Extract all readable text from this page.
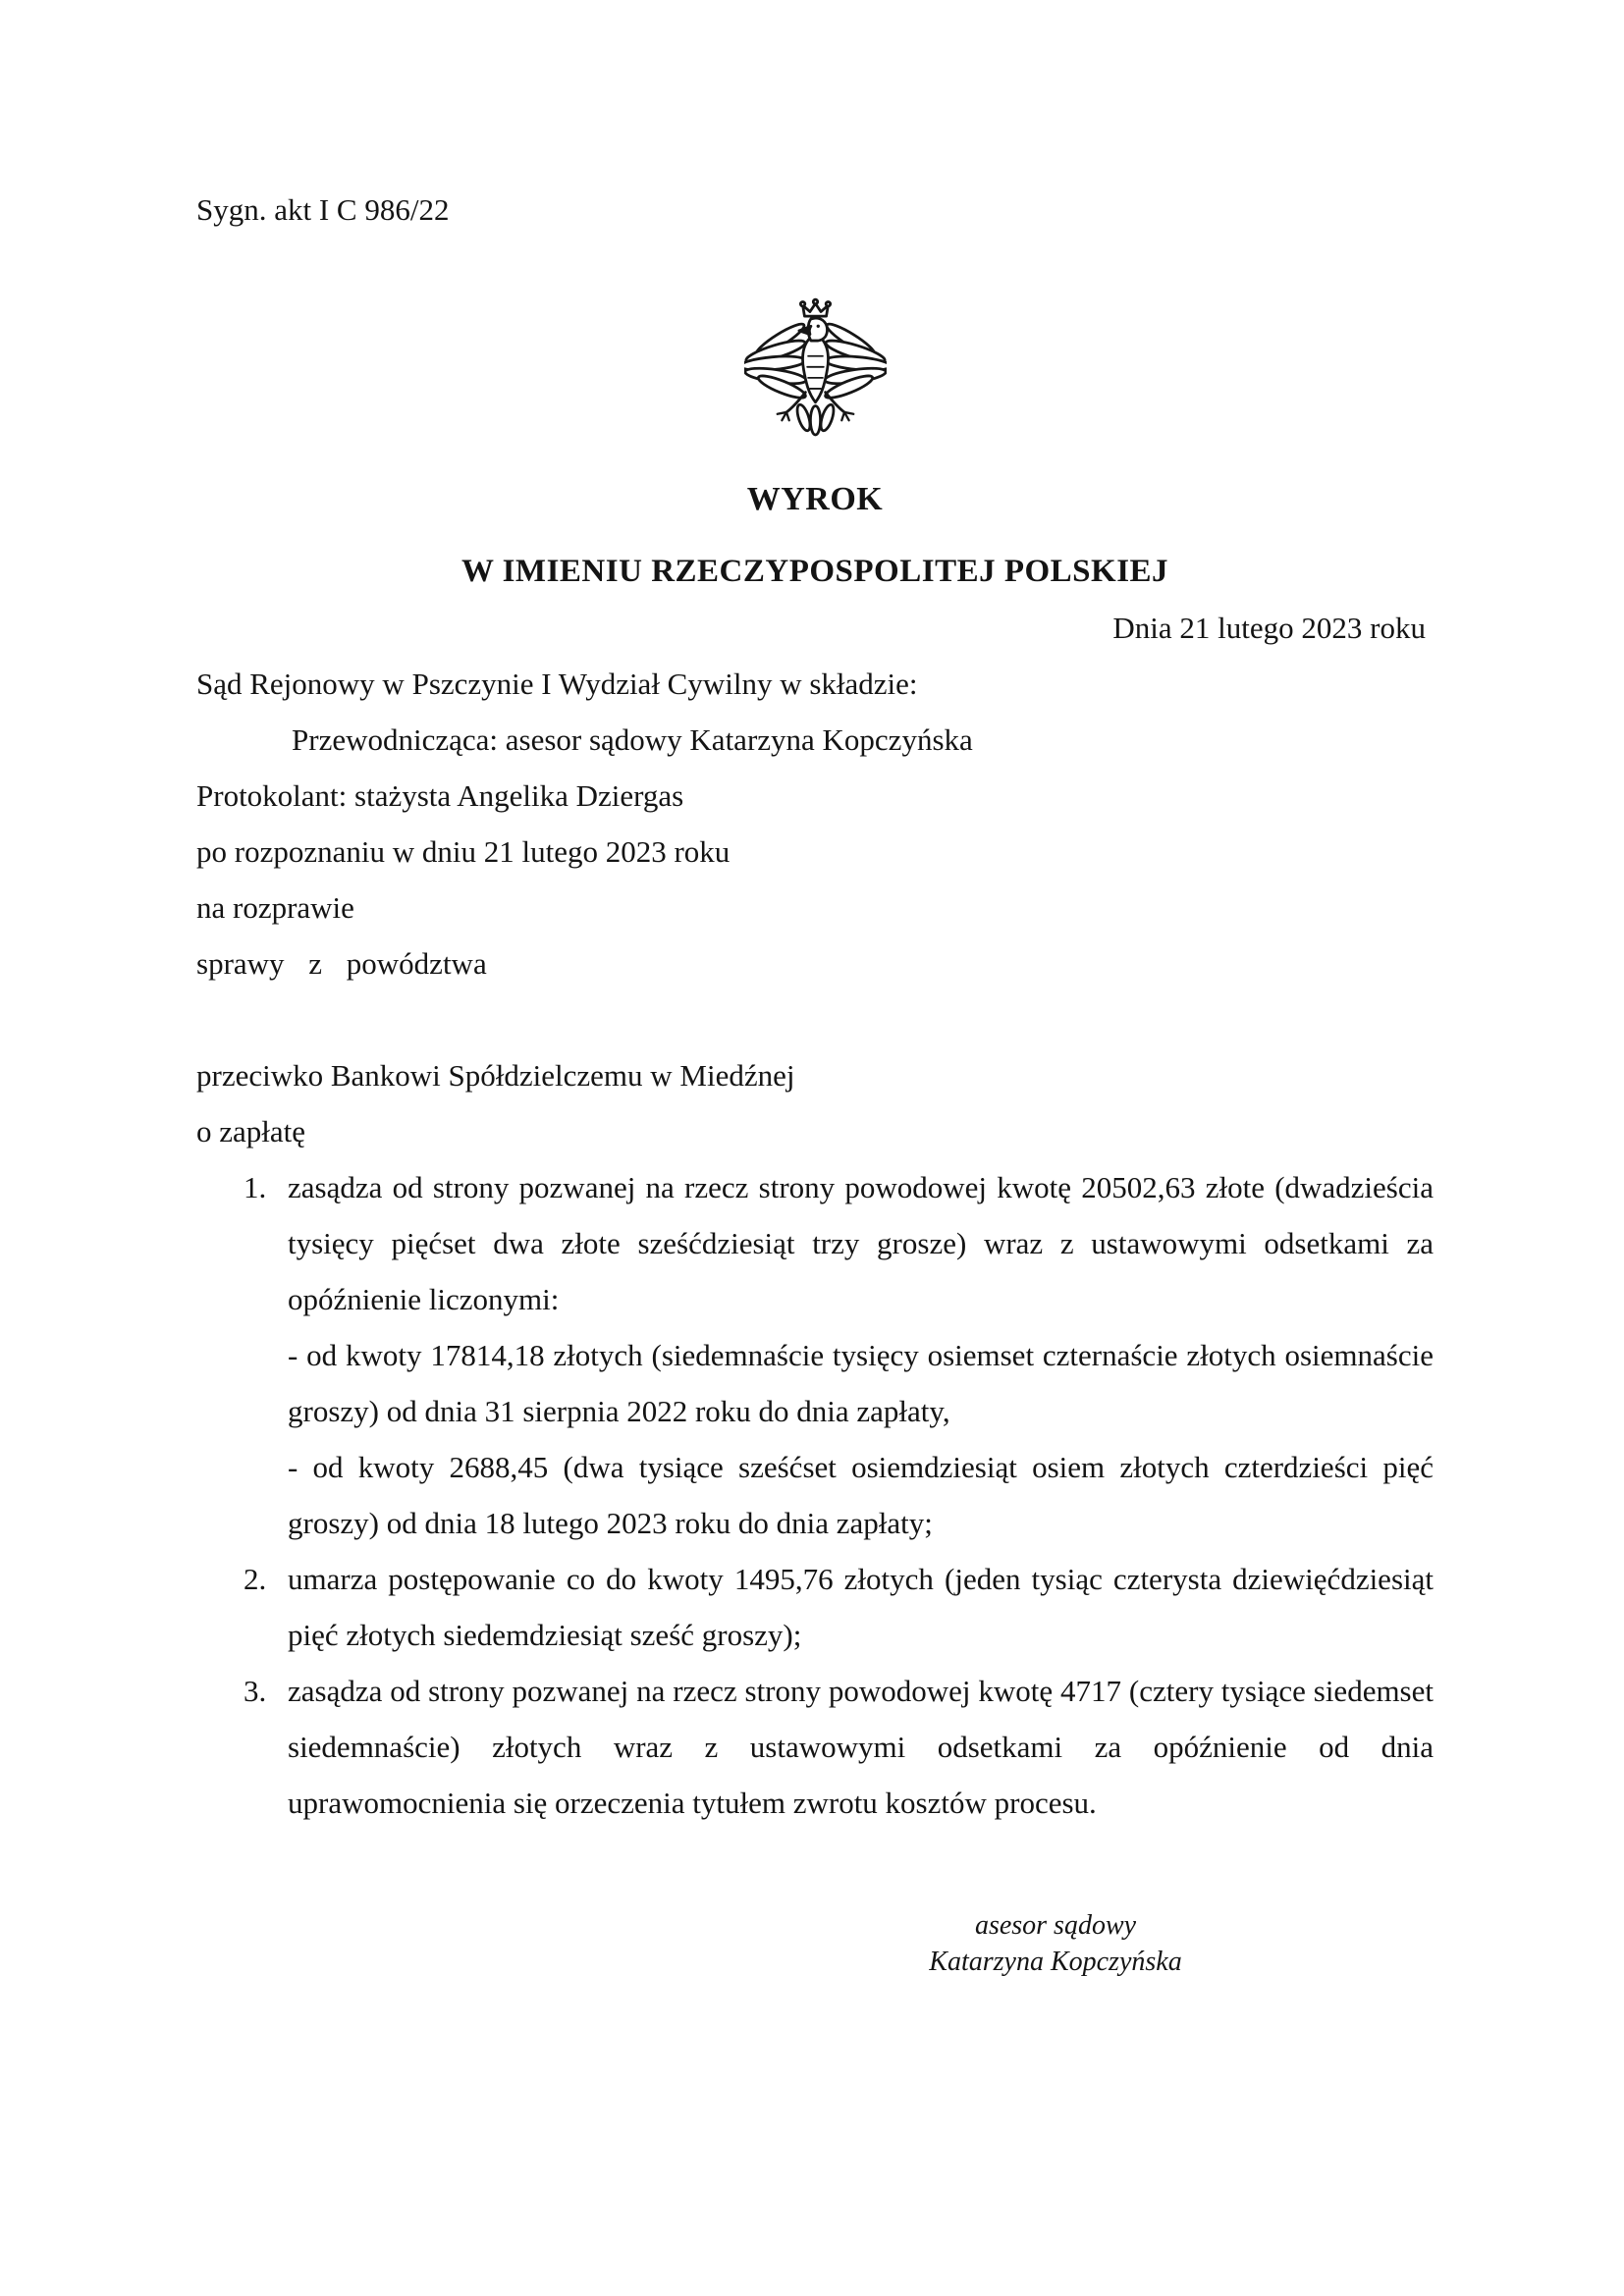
Sygn. akt I C 986/22
WYROK
W IMIENIU RZECZYPOSPOLITEJ POLSKIEJ
Dnia 21 lutego 2023 roku

Sąd Rejonowy w Pszczynie I Wydział Cywilny w składzie:

Przewodnicząca: asesor sądowy Katarzyna Kopczyńska

Protokolant: stażysta Angelika Dziergas

po rozpoznaniu w dniu 21 lutego 2023 roku

na rozprawie

sprawy z powództwa

przeciwko Bankowi Spółdzielczemu w Miedźnej

o zapłatę

1. zasądza od strony pozwanej na rzecz strony powodowej kwotę 20502,63 złote (dwadzieścia tysięcy pięćset dwa złote sześćdziesiąt trzy grosze) wraz z ustawowymi odsetkami za opóźnienie liczonymi:

- od kwoty 17814,18 złotych (siedemnaście tysięcy osiemset czternaście złotych osiemnaście groszy) od dnia 31 sierpnia 2022 roku do dnia zapłaty,

- od kwoty 2688,45 (dwa tysiące sześćset osiemdziesiąt osiem złotych czterdzieści pięć groszy) od dnia 18 lutego 2023 roku do dnia zapłaty;

2. umarza postępowanie co do kwoty 1495,76 złotych (jeden tysiąc czterysta dziewięćdziesiąt pięć złotych siedemdziesiąt sześć groszy);

3. zasądza od strony pozwanej na rzecz strony powodowej kwotę 4717 (cztery tysiące siedemset siedemnaście) złotych wraz z ustawowymi odsetkami za opóźnienie od dnia uprawomocnienia się orzeczenia tytułem zwrotu kosztów procesu.

asesor sądowy
Katarzyna Kopczyńska
